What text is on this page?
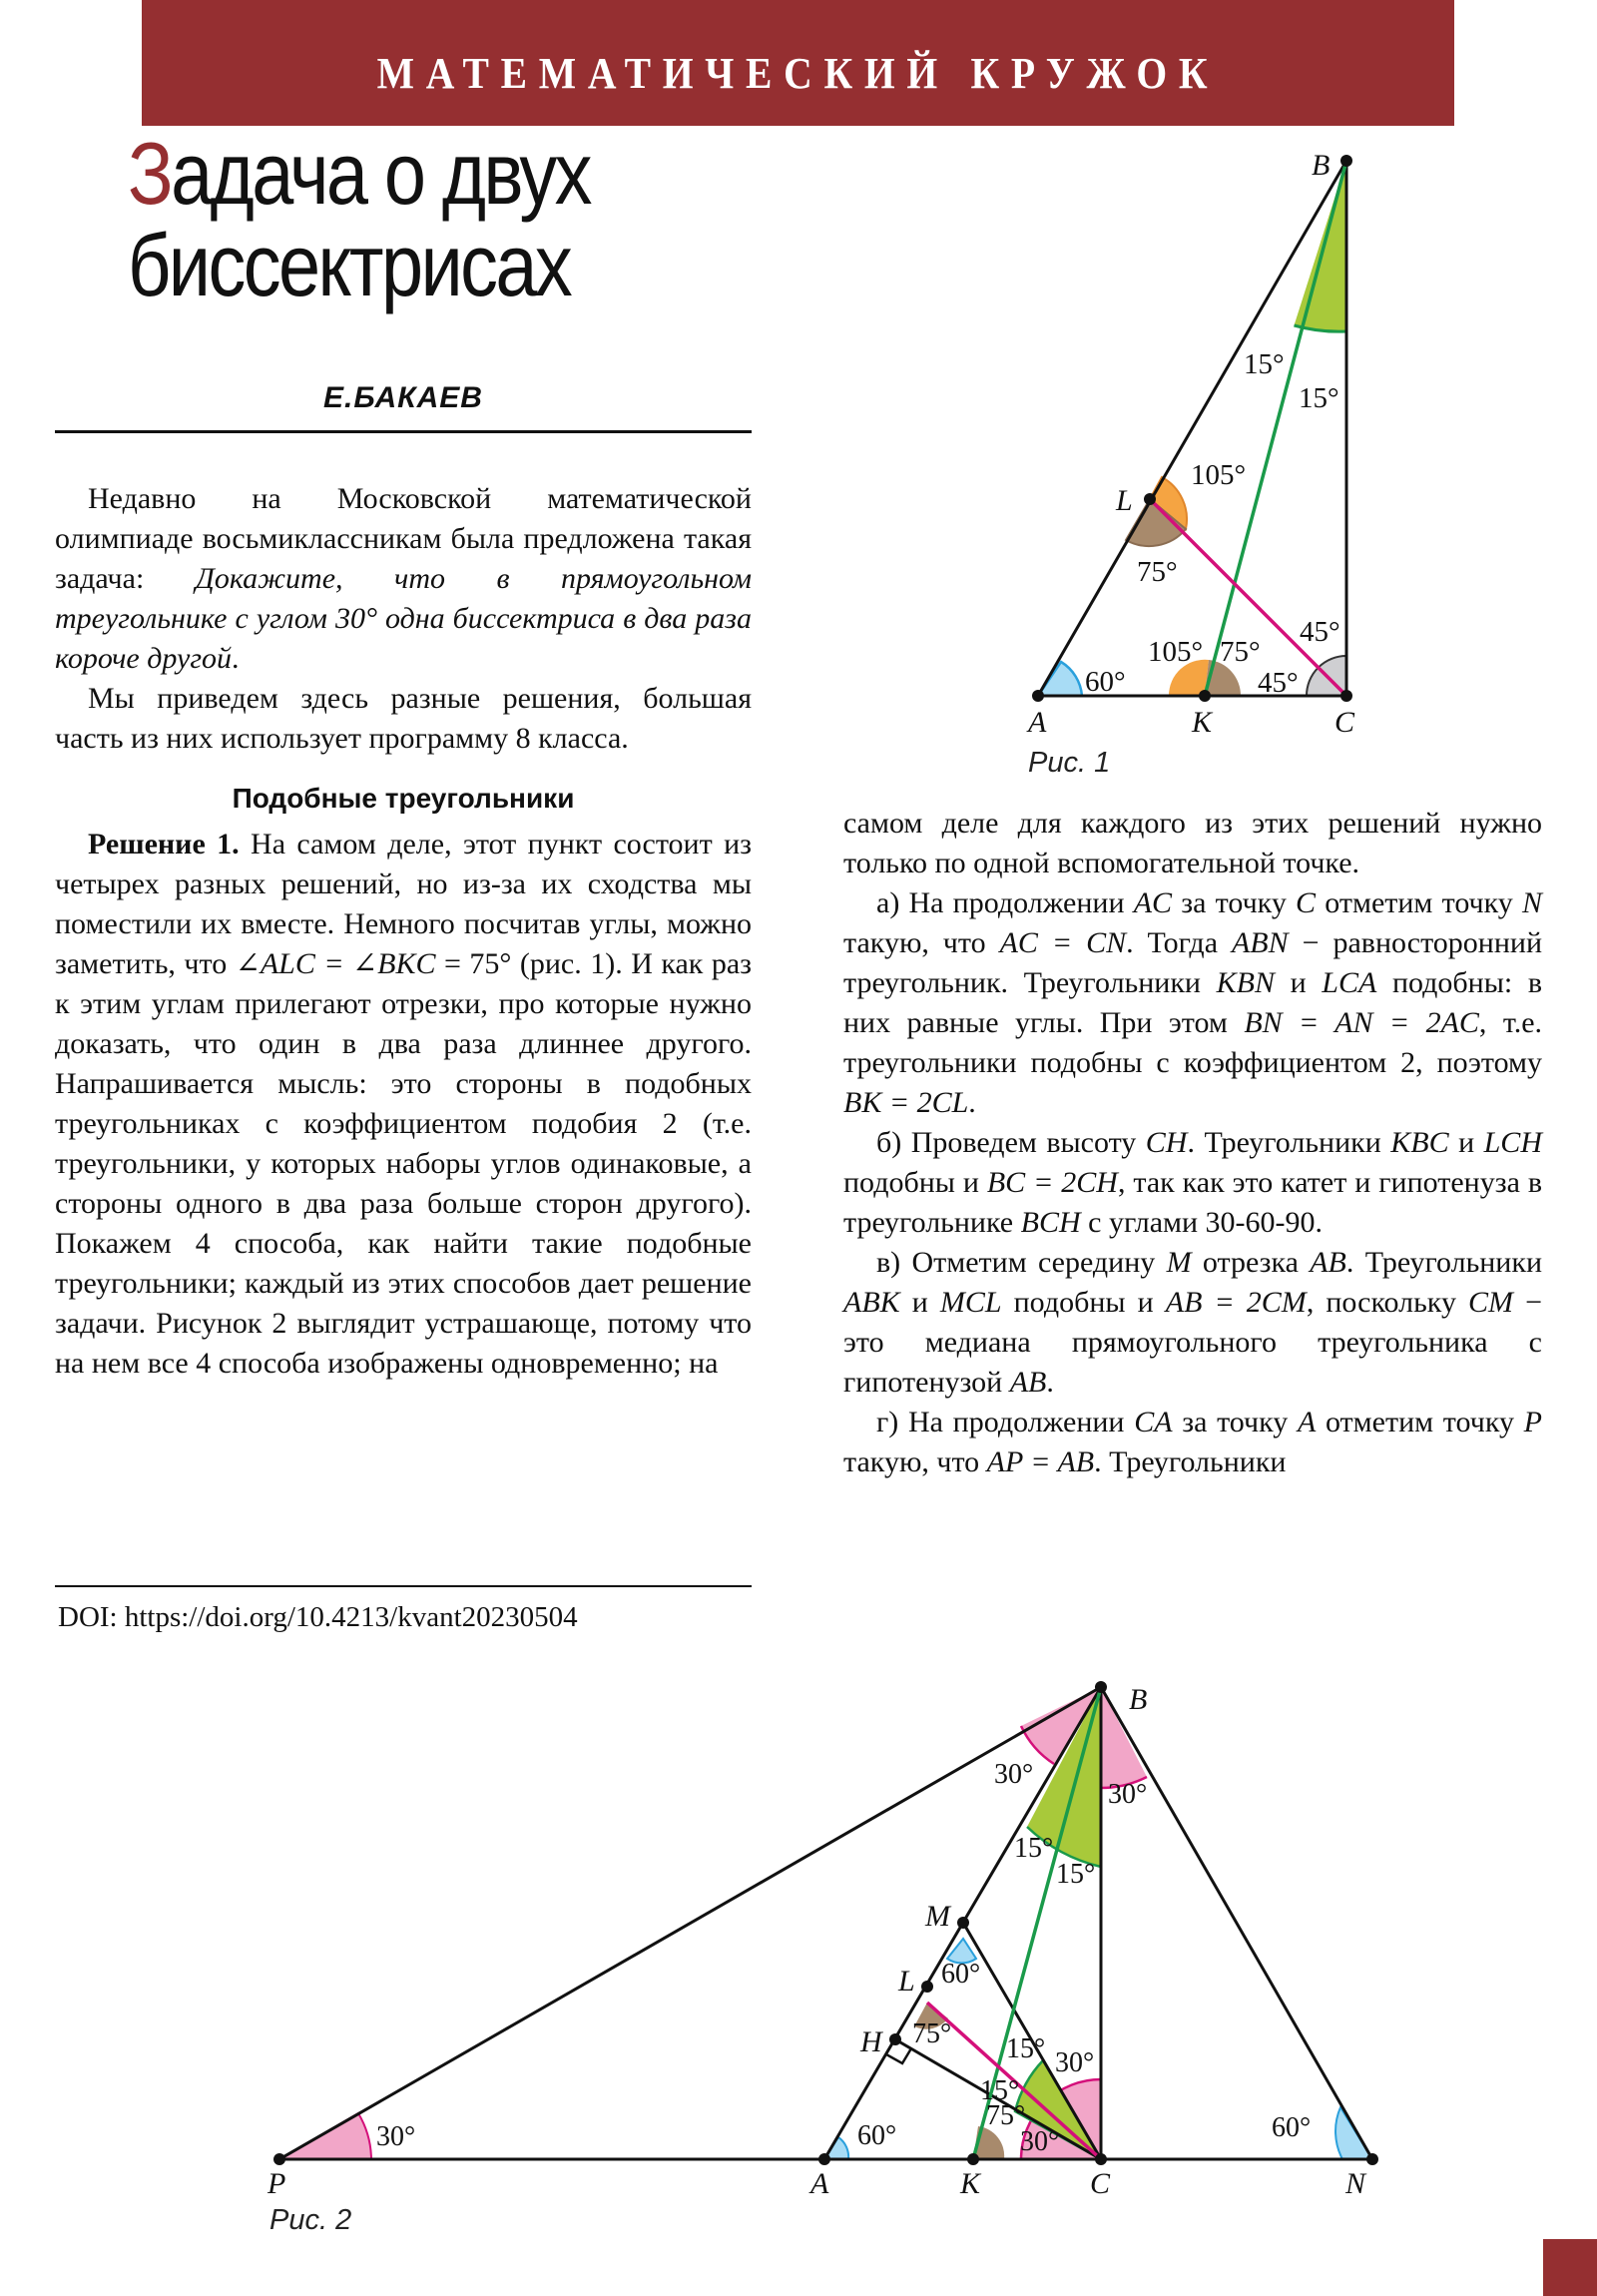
МАТЕМАТИЧЕСКИЙ КРУЖОК
Задача о двух
биссектрисах
Е.БАКАЕВ

Недавно на Московской математической олимпиаде восьмиклассникам была предложена такая задача: Докажите, что в прямоугольном треугольнике с углом 30° одна биссектриса в два раза короче другой.

Мы приведем здесь разные решения, большая часть из них использует программу 8 класса.

Подобные треугольники

Решение 1. На самом деле, этот пункт состоит из четырех разных решений, но из-за их сходства мы поместили их вместе. Немного посчитав углы, можно заметить, что ∠ALC = ∠BKC = 75° (рис. 1). И как раз к этим углам прилегают отрезки, про которые нужно доказать, что один в два раза длиннее другого. Напрашивается мысль: это стороны в подобных треугольниках с коэффициентом подобия 2 (т.е. треугольники, у которых наборы углов одинаковые, а стороны одного в два раза больше сторон другого). Покажем 4 способа, как найти такие подобные треугольники; каждый из этих способов дает решение задачи. Рисунок 2 выглядит устрашающе, потому что на нем все 4 способа изображены одновременно; на

DOI: https://doi.org/10.4213/kvant20230504

самом деле для каждого из этих решений нужно только по одной вспомогательной точке.

а) На продолжении AC за точку C отметим точку N такую, что AC = CN. Тогда ABN − равносторонний треугольник. Треугольники KBN и LCA подобны: в них равные углы. При этом BN = AN = 2AC, т.е. треугольники подобны с коэффициентом 2, поэтому BK = 2CL.

б) Проведем высоту CH. Треугольники KBC и LCH подобны и BC = 2CH, так как это катет и гипотенуза в треугольнике BCH с углами 30-60-90.

в) Отметим середину M отрезка AB. Треугольники ABK и MCL подобны и AB = 2CM, поскольку CM − это медиана прямоугольного треугольника с гипотенузой AB.

г) На продолжении CA за точку A отметим точку P такую, что AP = AB. Треугольники

B
A	K	C
L
15°
15°
105°
75°
105° 75°
45°
45°
60°
Рис. 1
B
P	A	K	C	N
M
L
H
30°
30°
15°
15°
60°
75° 15°
15°
30°
30°
75°
60°	60°
30°
Рис. 2
